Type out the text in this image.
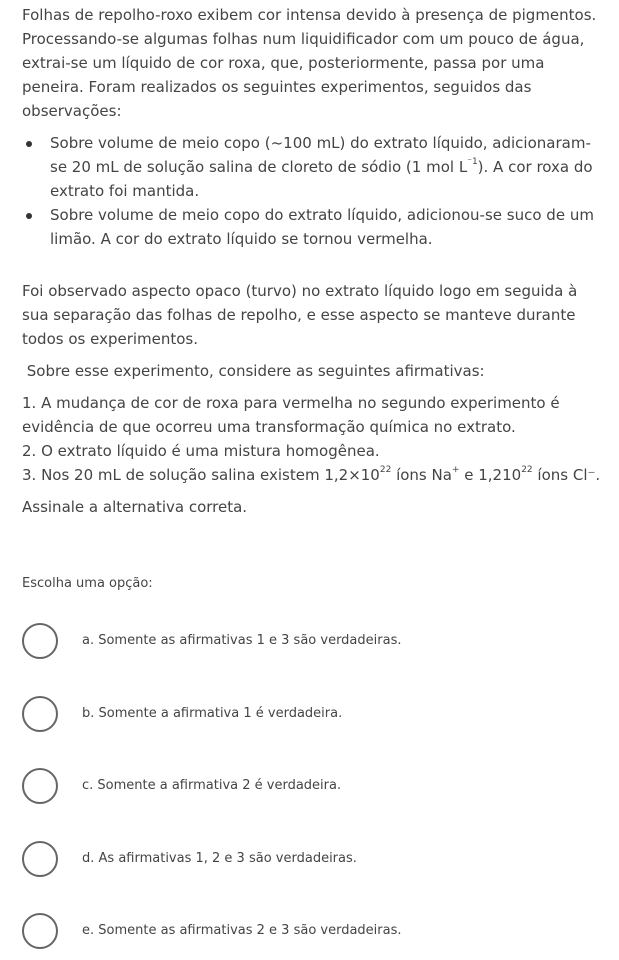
Folhas de repolho-roxo exibem cor intensa devido à presença de pigmentos. Processando-se algumas folhas num liquidificador com um pouco de água, extrai-se um líquido de cor roxa, que, posteriormente, passa por uma peneira. Foram realizados os seguintes experimentos, seguidos das observações:

Sobre volume de meio copo (~100 mL) do extrato líquido, adicionaram-se 20 mL de solução salina de cloreto de sódio (1 mol $L^{^-1}$). A cor roxa do extrato foi mantida.
Sobre volume de meio copo do extrato líquido, adicionou-se suco de um limão. A cor do extrato líquido se tornou vermelha.

Foi observado aspecto opaco (turvo) no extrato líquido logo em seguida à sua separação das folhas de repolho, e esse aspecto se manteve durante todos os experimentos.

Sobre esse experimento, considere as seguintes afirmativas:

1. A mudança de cor de roxa para vermelha no segundo experimento é evidência de que ocorreu uma transformação química no extrato.

2. O extrato líquido é uma mistura homogênea.

3. Nos 20 mL de solução salina existem $1,2\times 10^{22}$ íons Na+ e 1,210$^{22}$ íons Cl⁻.

Assinale a alternativa correta.

Escolha uma opção:
a. Somente as afirmativas 1 e 3 são verdadeiras.
b. Somente a afirmativa 1 é verdadeira.
c. Somente a afirmativa 2 é verdadeira.
d. As afirmativas 1, 2 e 3 são verdadeiras.
e. Somente as afirmativas 2 e 3 são verdadeiras.
